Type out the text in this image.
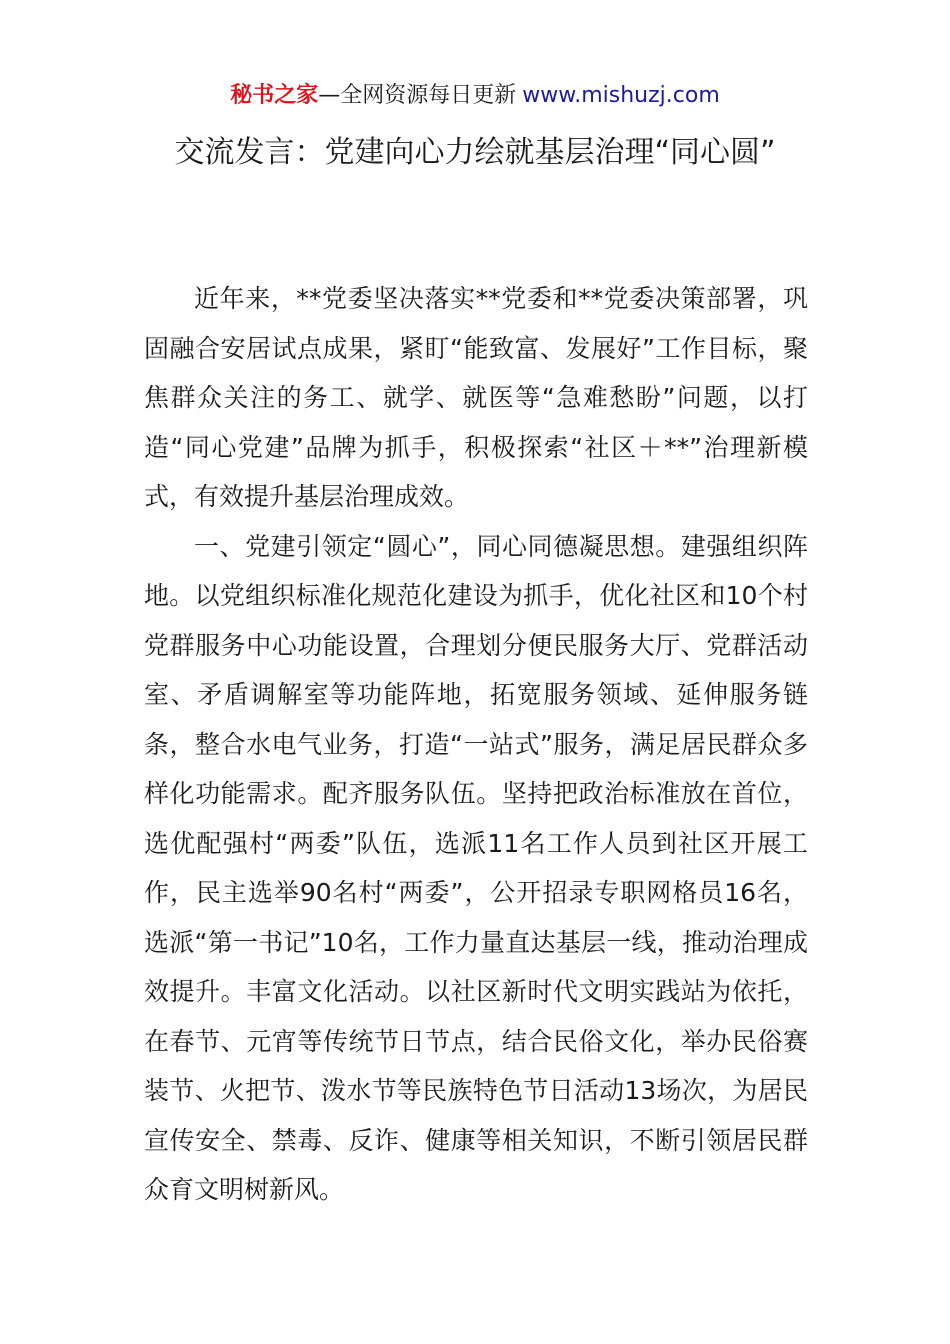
秘书之家—全网资源每日更新 www.mishuzj.com
交流发言：党建向心力绘就基层治理“同心圆”

近年来，**党委坚决落实**党委和**党委决策部署，巩固融合安居试点成果，紧盯“能致富、发展好”工作目标，聚焦群众关注的务工、就学、就医等“急难愁盼”问题，以打造“同心党建”品牌为抓手，积极探索“社区＋**”治理新模式，有效提升基层治理成效。

一、党建引领定“圆心”，同心同德凝思想。建强组织阵地。以党组织标准化规范化建设为抓手，优化社区和10个村党群服务中心功能设置，合理划分便民服务大厅、党群活动室、矛盾调解室等功能阵地，拓宽服务领域、延伸服务链条，整合水电气业务，打造“一站式”服务，满足居民群众多样化功能需求。配齐服务队伍。坚持把政治标准放在首位，选优配强村“两委”队伍，选派11名工作人员到社区开展工作，民主选举90名村“两委”，公开招录专职网格员16名，选派“第一书记”10名，工作力量直达基层一线，推动治理成效提升。丰富文化活动。以社区新时代文明实践站为依托，在春节、元宵等传统节日节点，结合民俗文化，举办民俗赛装节、火把节、泼水节等民族特色节日活动13场次，为居民宣传安全、禁毒、反诈、健康等相关知识，不断引领居民群众育文明树新风。
